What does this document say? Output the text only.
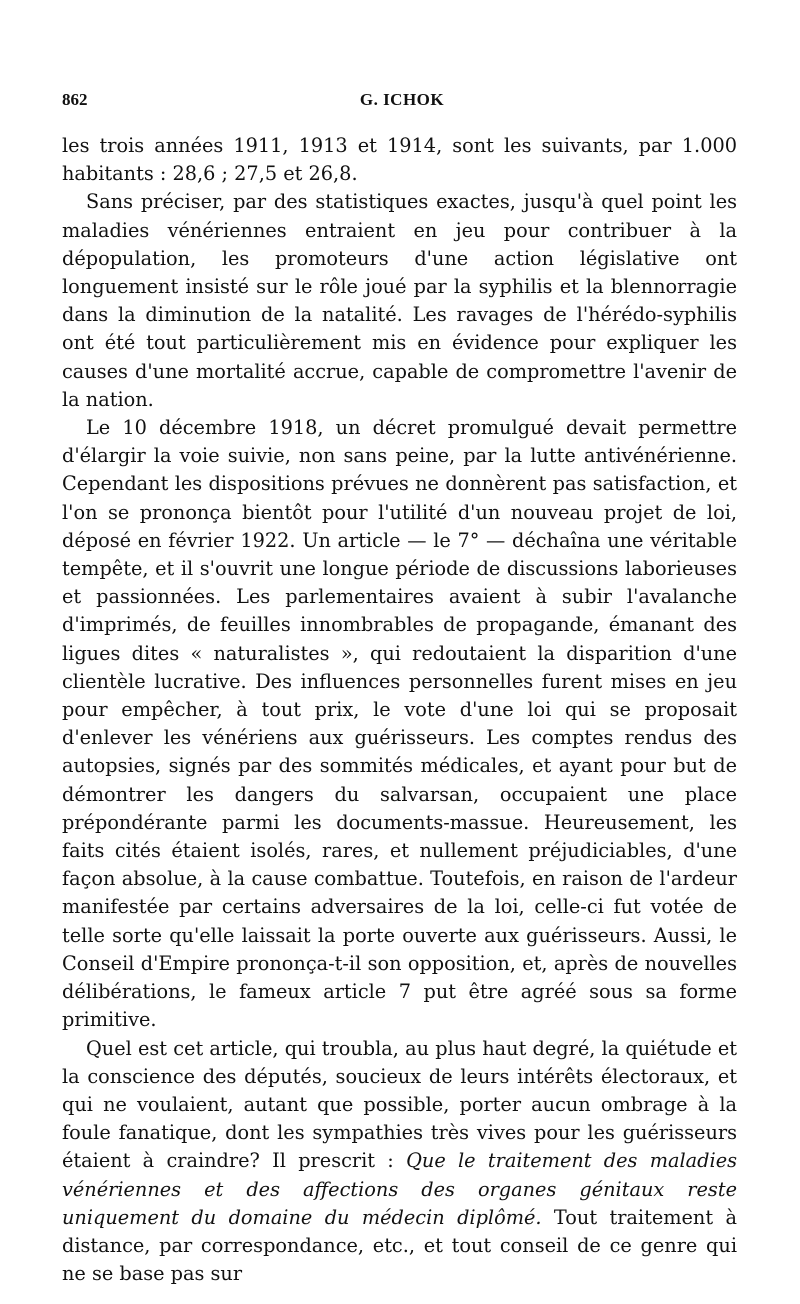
862	G. ICHOK

les trois années 1911, 1913 et 1914, sont les suivants, par 1.000 habitants : 28,6 ; 27,5 et 26,8.

Sans préciser, par des statistiques exactes, jusqu'à quel point les maladies vénériennes entraient en jeu pour contribuer à la dépopulation, les promoteurs d'une action législative ont longuement insisté sur le rôle joué par la syphilis et la blennorragie dans la diminution de la natalité. Les ravages de l'hérédo-syphilis ont été tout particulièrement mis en évidence pour expliquer les causes d'une mortalité accrue, capable de compromettre l'avenir de la nation.

Le 10 décembre 1918, un décret promulgué devait permettre d'élargir la voie suivie, non sans peine, par la lutte antivénérienne. Cependant les dispositions prévues ne donnèrent pas satisfaction, et l'on se prononça bientôt pour l'utilité d'un nouveau projet de loi, déposé en février 1922. Un article — le 7° — déchaîna une véritable tempête, et il s'ouvrit une longue période de discussions laborieuses et passionnées. Les parlementaires avaient à subir l'avalanche d'imprimés, de feuilles innombrables de propagande, émanant des ligues dites « naturalistes », qui redoutaient la disparition d'une clientèle lucrative. Des influences personnelles furent mises en jeu pour empêcher, à tout prix, le vote d'une loi qui se proposait d'enlever les vénériens aux guérisseurs. Les comptes rendus des autopsies, signés par des sommités médicales, et ayant pour but de démontrer les dangers du salvarsan, occupaient une place prépondérante parmi les documents-massue. Heureusement, les faits cités étaient isolés, rares, et nullement préjudiciables, d'une façon absolue, à la cause combattue. Toutefois, en raison de l'ardeur manifestée par certains adversaires de la loi, celle-ci fut votée de telle sorte qu'elle laissait la porte ouverte aux guérisseurs. Aussi, le Conseil d'Empire prononça-t-il son opposition, et, après de nouvelles délibérations, le fameux article 7 put être agréé sous sa forme primitive.

Quel est cet article, qui troubla, au plus haut degré, la quiétude et la conscience des députés, soucieux de leurs intérêts électoraux, et qui ne voulaient, autant que possible, porter aucun ombrage à la foule fanatique, dont les sympathies très vives pour les guérisseurs étaient à craindre? Il prescrit : Que le traitement des maladies vénériennes et des affections des organes génitaux reste uniquement du domaine du médecin diplômé. Tout traitement à distance, par correspondance, etc., et tout conseil de ce genre qui ne se base pas sur
